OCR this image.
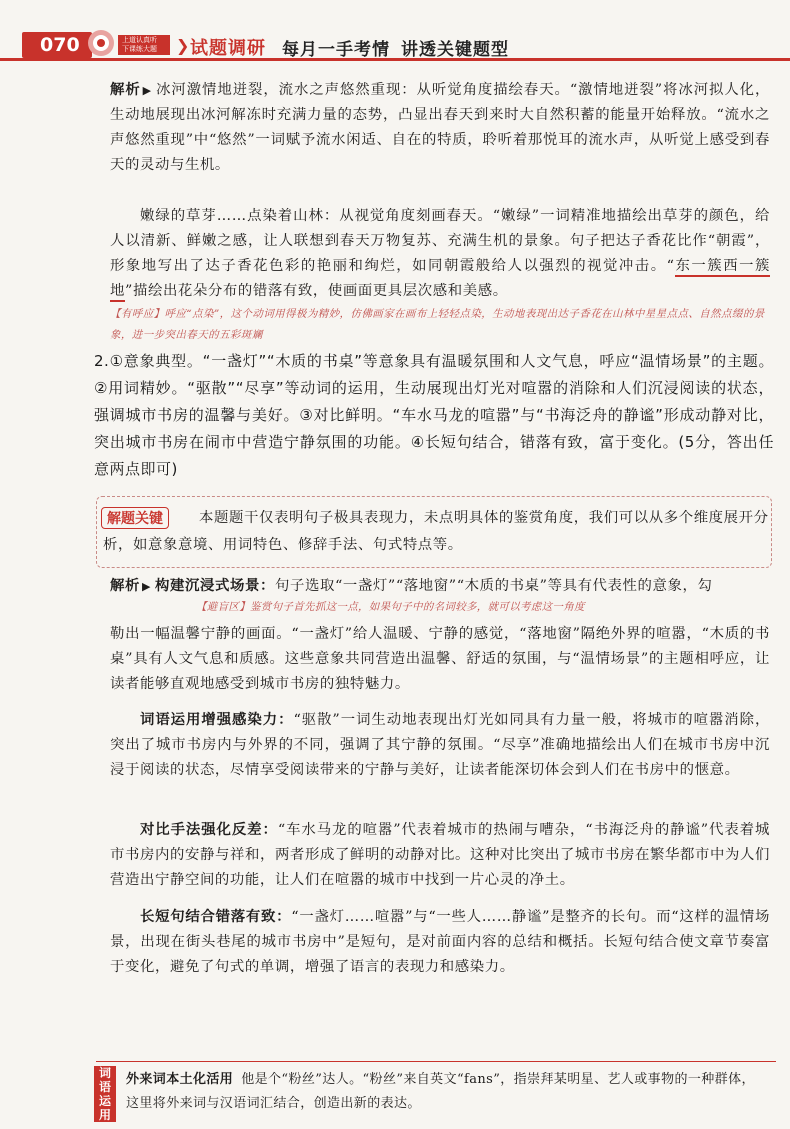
070	上道认真听 下课练大题	❯ 试题调研 每月一手考情 讲透关键题型
解析 ▶ 冰河激情地迸裂，流水之声悠然重现：从听觉角度描绘春天。“激情地迸裂”将冰河拟人化，生动地展现出冰河解冻时充满力量的态势，凸显出春天到来时大自然积蓄的能量开始释放。“流水之声悠然重现”中“悠然”一词赋予流水闲适、自在的特质，聆听着那悦耳的流水声，从听觉上感受到春天的灵动与生机。
嫩绿的草芽……点染着山林：从视觉角度刻画春天。“嫩绿”一词精准地描绘出草芽的颜色，给人以清新、鲜嫩之感，让人联想到春天万物复苏、充满生机的景象。句子把达子香花比作“朝霞”，形象地写出了达子香花色彩的艳丽和绚烂，如同朝霞般给人以强烈的视觉冲击。“东一簇西一簇地”描绘出花朵分布的错落有致，使画面更具层次感和美感。
【有呼应】呼应“点染”，这个动词用得极为精妙，仿佛画家在画布上轻轻点染，生动地表现出达子香花在山林中星星点点、自然点缀的景象，进一步突出春天的五彩斑斓
2.①意象典型。“一盏灯”“木质的书桌”等意象具有温暖氛围和人文气息，呼应“温情场景”的主题。②用词精妙。“驱散”“尽享”等动词的运用，生动展现出灯光对喧嚣的消除和人们沉浸阅读的状态，强调城市书房的温馨与美好。③对比鲜明。“车水马龙的喧嚣”与“书海泛舟的静谧”形成动静对比，突出城市书房在闹市中营造宁静氛围的功能。④长短句结合，错落有致，富于变化。(5分，答出任意两点即可)
本题题干仅表明句子极具表现力，未点明具体的鉴赏角度，我们可以从多个维度展开分析，如意象意境、用词特色、修辞手法、句式特点等。
解题关键
解析 ▶ 构建沉浸式场景：句子选取“一盏灯”“落地窗”“木质的书桌”等具有代表性的意象，勾
【避盲区】鉴赏句子首先抓这一点，如果句子中的名词较多，就可以考虑这一角度
勒出一幅温馨宁静的画面。“一盏灯”给人温暖、宁静的感觉，“落地窗”隔绝外界的喧嚣，“木质的书桌”具有人文气息和质感。这些意象共同营造出温馨、舒适的氛围，与“温情场景”的主题相呼应，让读者能够直观地感受到城市书房的独特魅力。
词语运用增强感染力：“驱散”一词生动地表现出灯光如同具有力量一般，将城市的喧嚣消除，突出了城市书房内与外界的不同，强调了其宁静的氛围。“尽享”准确地描绘出人们在城市书房中沉浸于阅读的状态，尽情享受阅读带来的宁静与美好，让读者能深切体会到人们在书房中的惬意。
对比手法强化反差：“车水马龙的喧嚣”代表着城市的热闹与嘈杂，“书海泛舟的静谧”代表着城市书房内的安静与祥和，两者形成了鲜明的动静对比。这种对比突出了城市书房在繁华都市中为人们营造出宁静空间的功能，让人们在喧嚣的城市中找到一片心灵的净土。
长短句结合错落有致：“一盏灯……喧嚣”与“一些人……静谧”是整齐的长句。而“这样的温情场景，出现在街头巷尾的城市书房中”是短句，是对前面内容的总结和概括。长短句结合使文章节奏富于变化，避免了句式的单调，增强了语言的表现力和感染力。
词语运用
外来词本土化活用 他是个“粉丝”达人。“粉丝”来自英文“fans”，指崇拜某明星、艺人或事物的一种群体，这里将外来词与汉语词汇结合，创造出新的表达。
